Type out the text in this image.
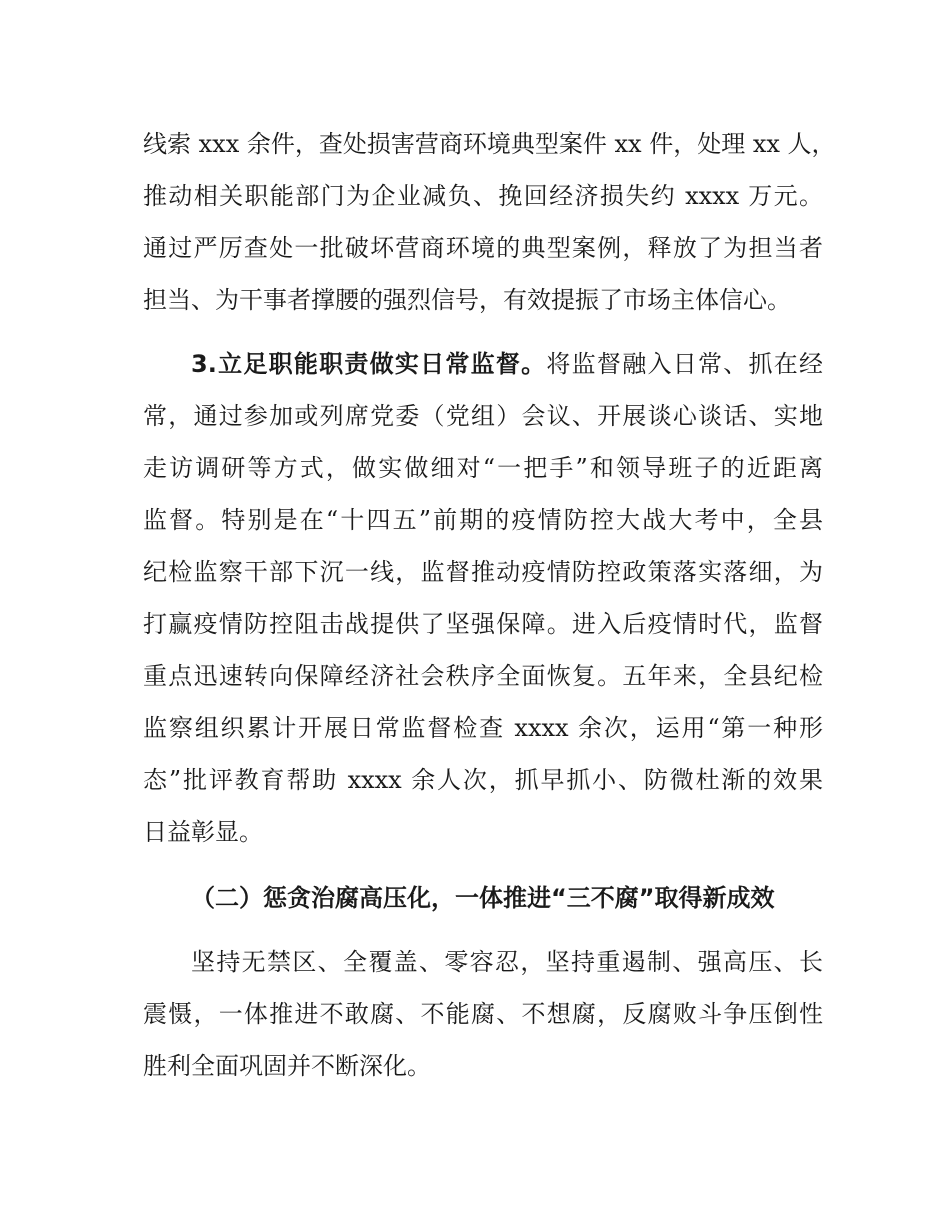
线索 xxx 余件，查处损害营商环境典型案件 xx 件，处理 xx 人，
推动相关职能部门为企业减负、挽回经济损失约 xxxx 万元。
通过严厉查处一批破坏营商环境的典型案例，释放了为担当者
担当、为干事者撑腰的强烈信号，有效提振了市场主体信心。
3.立足职能职责做实日常监督。将监督融入日常、抓在经
常，通过参加或列席党委（党组）会议、开展谈心谈话、实地
走访调研等方式，做实做细对“一把手”和领导班子的近距离
监督。特别是在“十四五”前期的疫情防控大战大考中，全县
纪检监察干部下沉一线，监督推动疫情防控政策落实落细，为
打赢疫情防控阻击战提供了坚强保障。进入后疫情时代，监督
重点迅速转向保障经济社会秩序全面恢复。五年来，全县纪检
监察组织累计开展日常监督检查 xxxx 余次，运用“第一种形
态”批评教育帮助 xxxx 余人次，抓早抓小、防微杜渐的效果
日益彰显。
（二）惩贪治腐高压化，一体推进“三不腐”取得新成效
坚持无禁区、全覆盖、零容忍，坚持重遏制、强高压、长
震慑，一体推进不敢腐、不能腐、不想腐，反腐败斗争压倒性
胜利全面巩固并不断深化。
